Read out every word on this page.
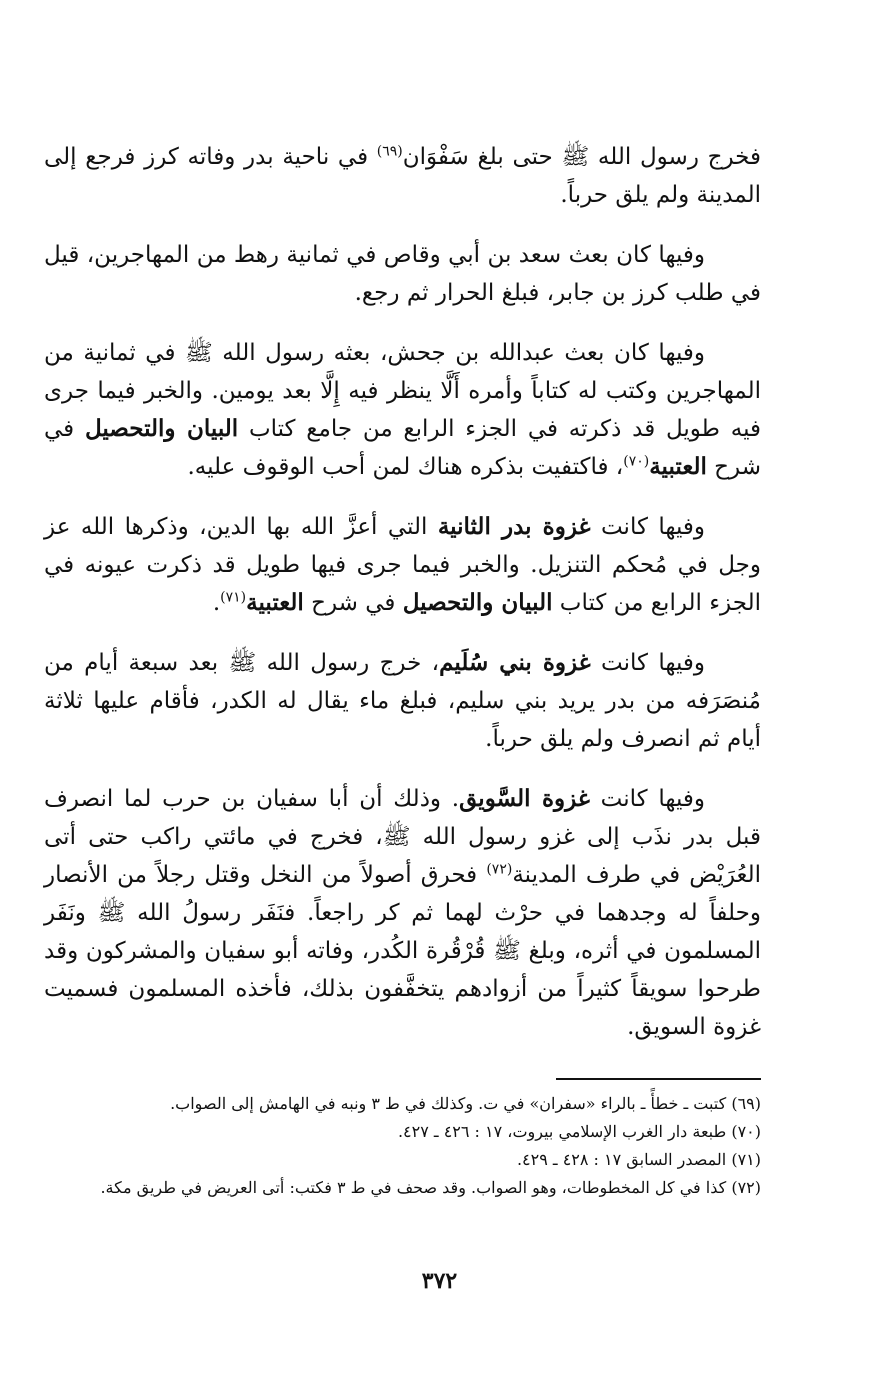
فخرج رسول الله ﷺ حتى بلغ سَفْوَان$^{(٦٩)}$ في ناحية بدر وفاته كرز فرجع إلى المدينة ولم يلق حرباً.

وفيها كان بعث سعد بن أبي وقاص في ثمانية رهط من المهاجرين، قيل في طلب كرز بن جابر، فبلغ الحرار ثم رجع.

وفيها كان بعث عبدالله بن جحش، بعثه رسول الله ﷺ في ثمانية من المهاجرين وكتب له كتاباً وأمره أَلَّا ينظر فيه إِلَّا بعد يومين. والخبر فيما جرى فيه طويل قد ذكرته في الجزء الرابع من جامع كتاب البيان والتحصيل في شرح العتبية$^{(٧٠)}$، فاكتفيت بذكره هناك لمن أحب الوقوف عليه.

وفيها كانت غزوة بدر الثانية التي أعزَّ الله بها الدين، وذكرها الله عز وجل في مُحكم التنزيل. والخبر فيما جرى فيها طويل قد ذكرت عيونه في الجزء الرابع من كتاب البيان والتحصيل في شرح العتبية$^{(٧١)}$.

وفيها كانت غزوة بني سُلَيم، خرج رسول الله ﷺ بعد سبعة أيام من مُنصَرَفه من بدر يريد بني سليم، فبلغ ماء يقال له الكدر، فأقام عليها ثلاثة أيام ثم انصرف ولم يلق حرباً.

وفيها كانت غزوة السَّويق. وذلك أن أبا سفيان بن حرب لما انصرف قبل بدر نذَب إلى غزو رسول الله ﷺ، فخرج في مائتي راكب حتى أتى العُرَيْض في طرف المدينة$^{(٧٢)}$ فحرق أصولاً من النخل وقتل رجلاً من الأنصار وحلفاً له وجدهما في حرْث لهما ثم كر راجعاً. فنَفَر رسولُ الله ﷺ ونَفَر المسلمون في أثره، وبلغ ﷺ قُرْقُرة الكُدر، وفاته أبو سفيان والمشركون وقد طرحوا سويقاً كثيراً من أزوادهم يتخفَّفون بذلك، فأخذه المسلمون فسميت غزوة السويق.

(٦٩) كتبت ـ خطأً ـ بالراء «سفران» في ت. وكذلك في ط ٣ ونبه في الهامش إلى الصواب.

(٧٠) طبعة دار الغرب الإسلامي بيروت، ١٧ : ٤٢٦ ـ ٤٢٧.

(٧١) المصدر السابق ١٧ : ٤٢٨ ـ ٤٢٩.

(٧٢) كذا في كل المخطوطات، وهو الصواب. وقد صحف في ط ٣ فكتب: أتى العريض في طريق مكة.

٣٧٢
